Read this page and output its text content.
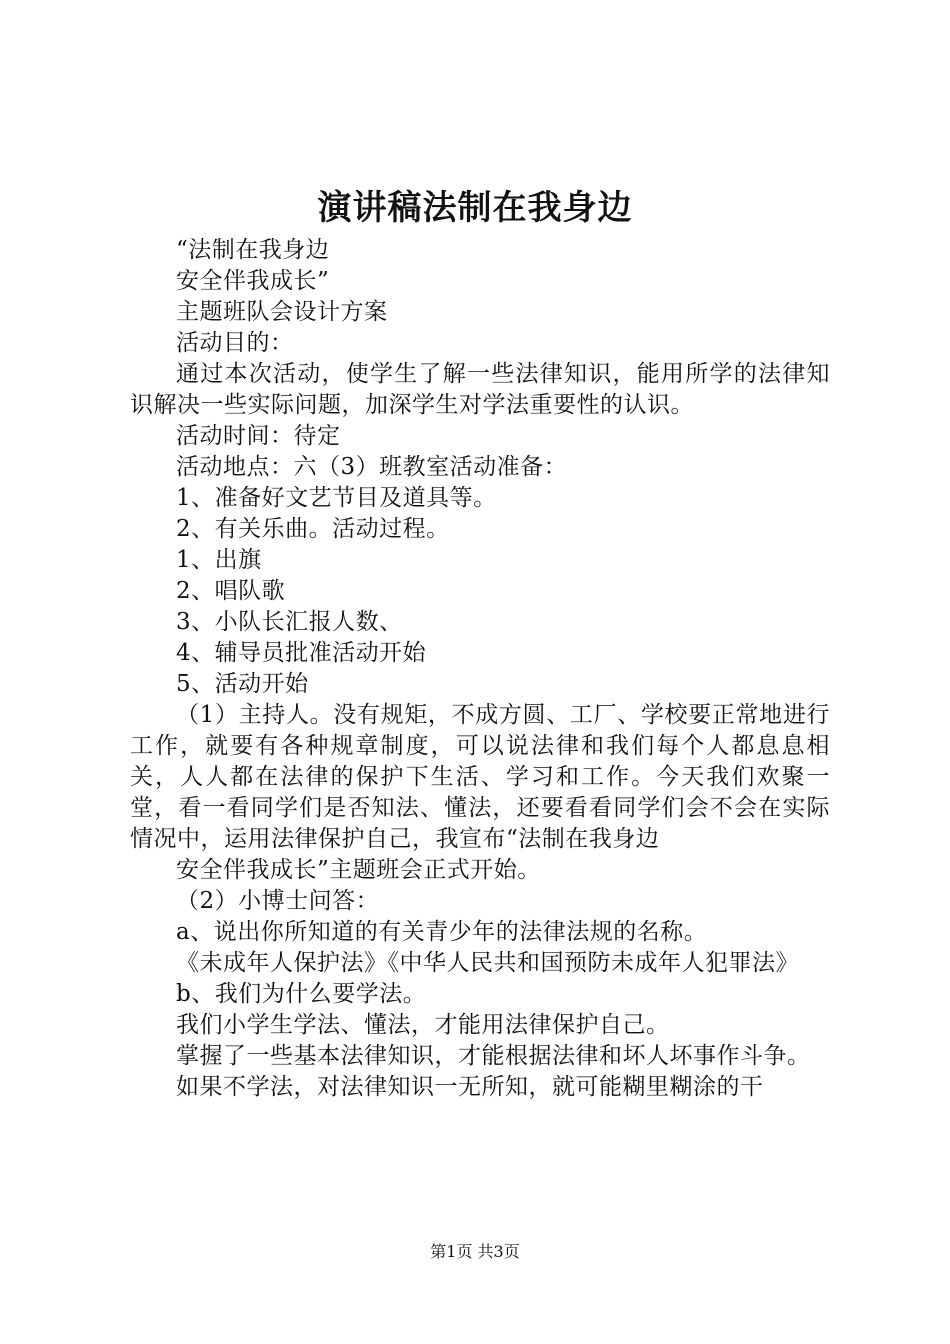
演讲稿法制在我身边

“法制在我身边

安全伴我成长”

主题班队会设计方案

活动目的：

通过本次活动，使学生了解一些法律知识，能用所学的法律知识解决一些实际问题，加深学生对学法重要性的认识。

活动时间：待定

活动地点：六（3）班教室活动准备：

1、准备好文艺节目及道具等。

2、有关乐曲。活动过程。

1、出旗

2、唱队歌

3、小队长汇报人数、

4、辅导员批准活动开始

5、活动开始

（1）主持人。没有规矩，不成方圆、工厂、学校要正常地进行工作，就要有各种规章制度，可以说法律和我们每个人都息息相关，人人都在法律的保护下生活、学习和工作。今天我们欢聚一堂，看一看同学们是否知法、懂法，还要看看同学们会不会在实际情况中，运用法律保护自己，我宣布“法制在我身边

安全伴我成长”主题班会正式开始。

（2）小博士问答：

a、说出你所知道的有关青少年的法律法规的名称。

《未成年人保护法》《中华人民共和国预防未成年人犯罪法》

b、我们为什么要学法。

我们小学生学法、懂法，才能用法律保护自己。

掌握了一些基本法律知识，才能根据法律和坏人坏事作斗争。

如果不学法，对法律知识一无所知，就可能糊里糊涂的干

第1页 共3页
